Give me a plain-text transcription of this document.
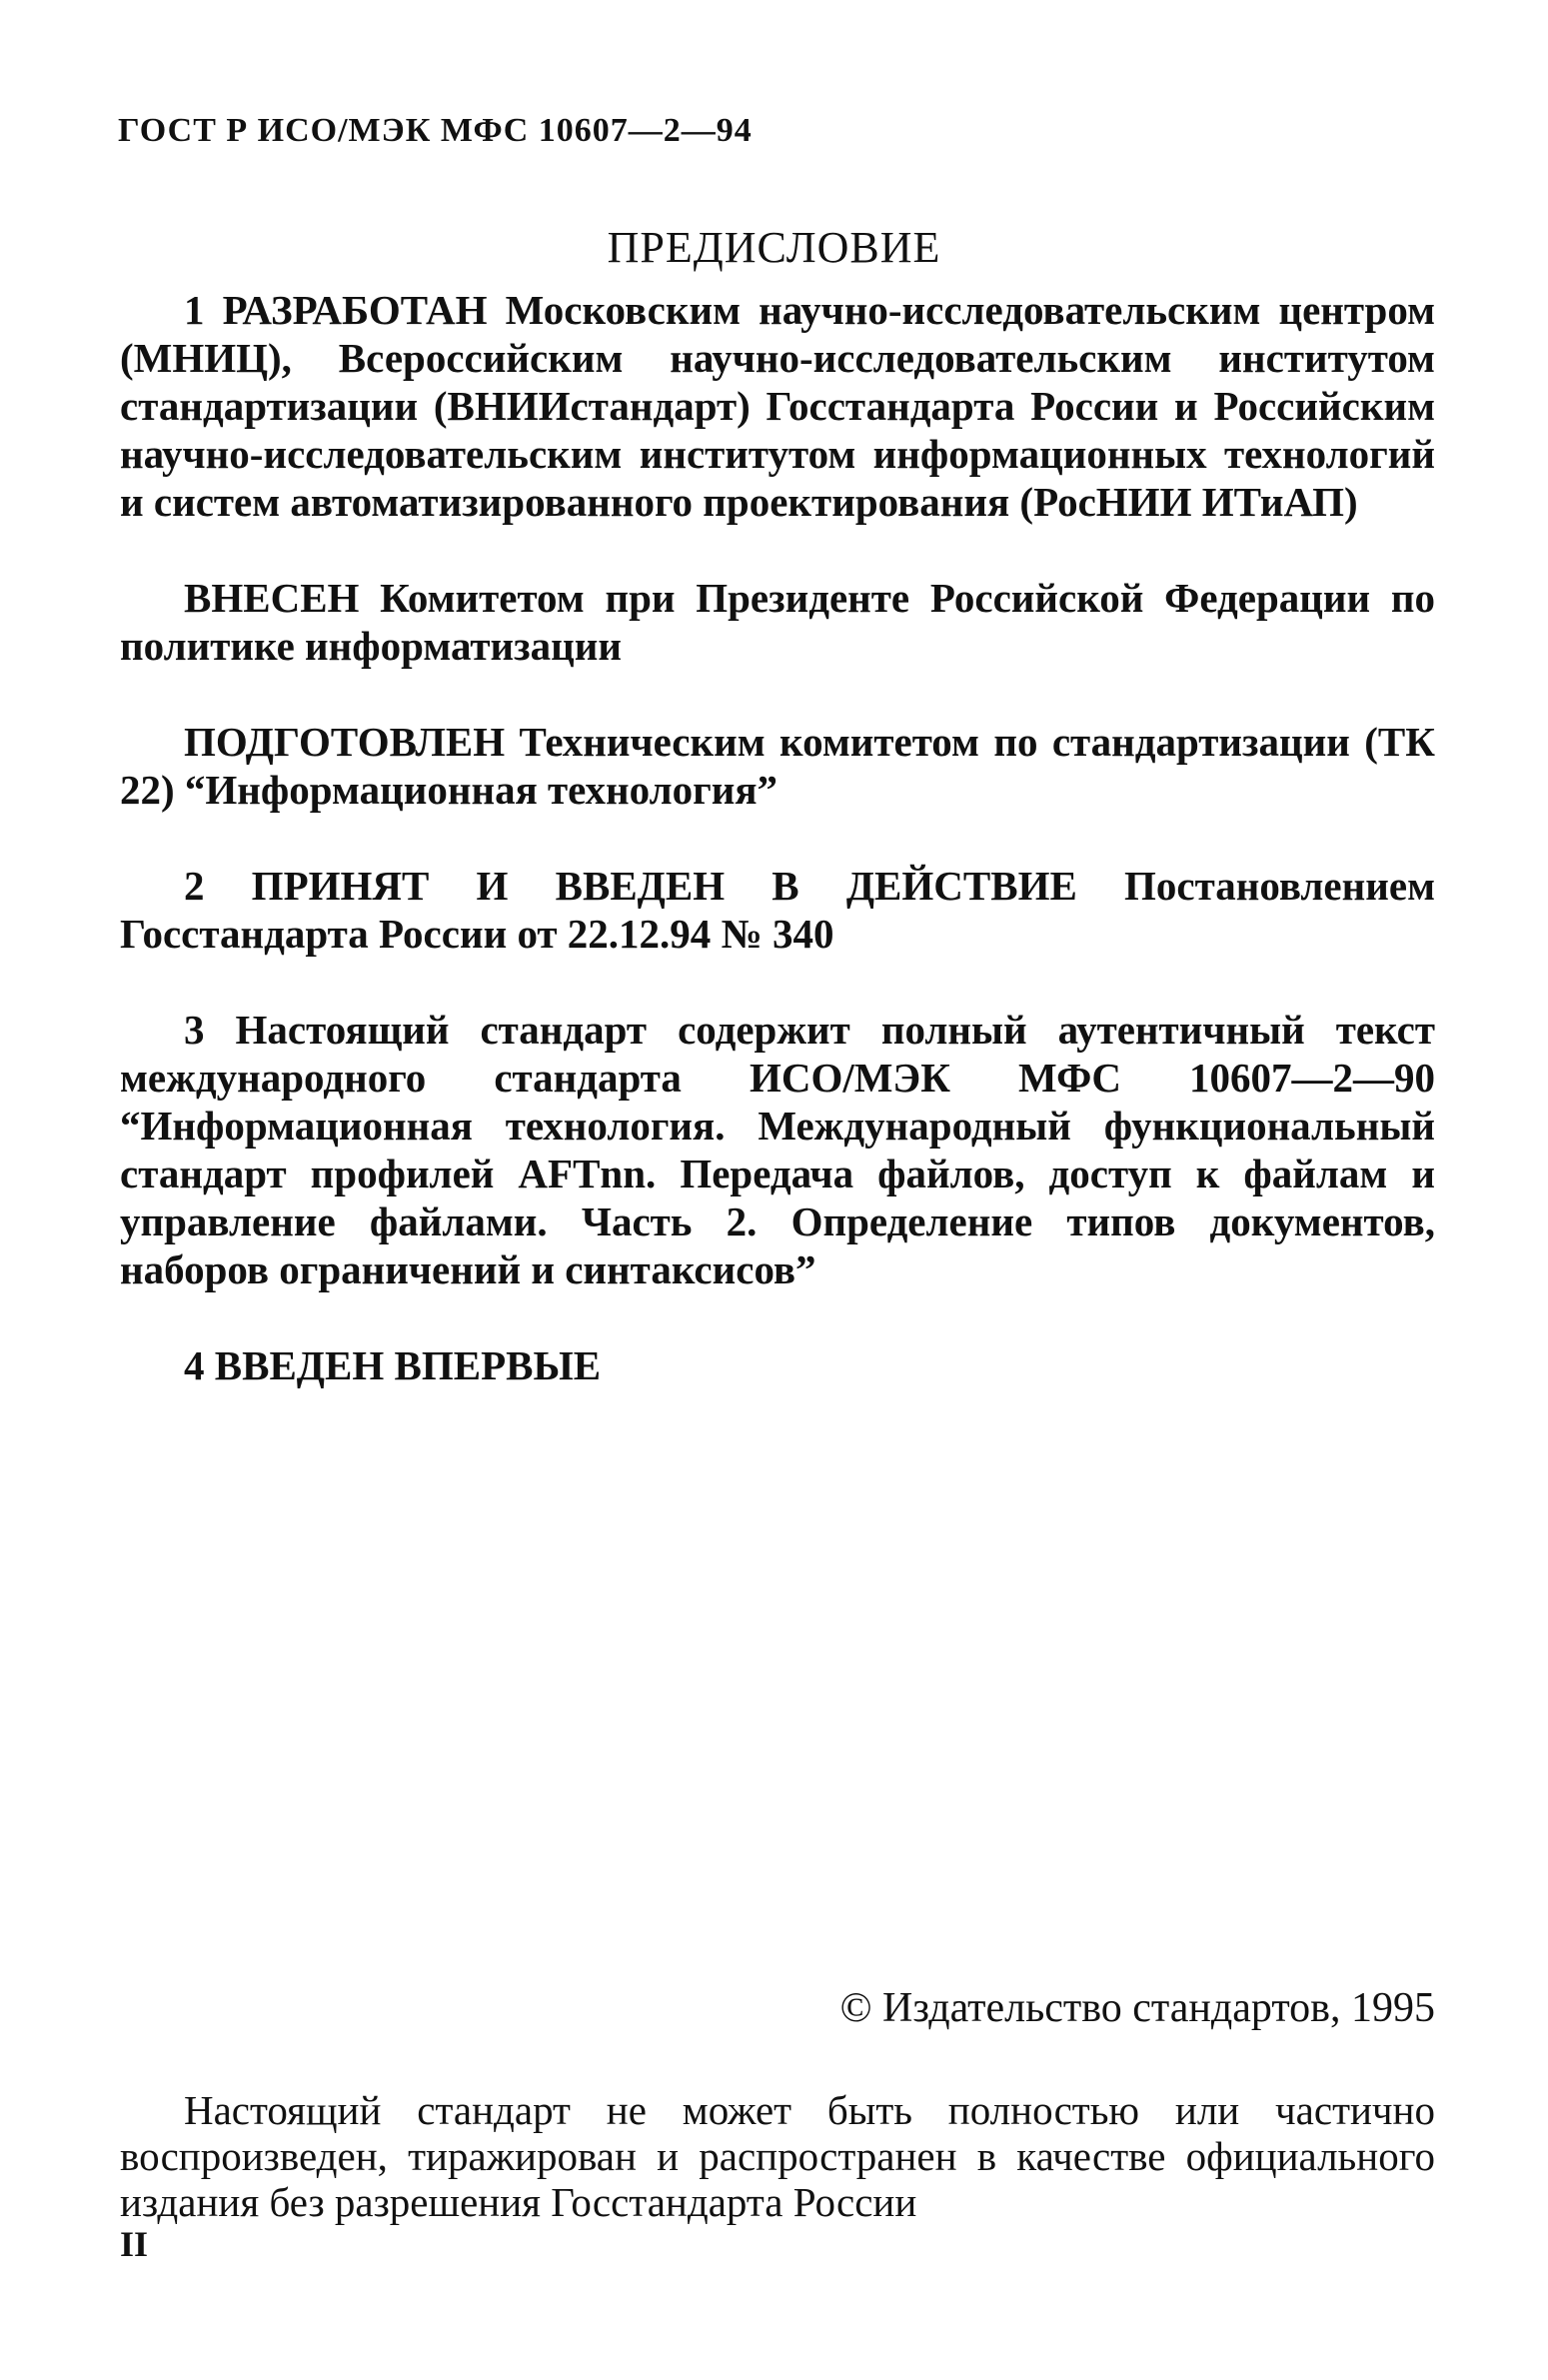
ГОСТ Р ИСО/МЭК МФС 10607—2—94
ПРЕДИСЛОВИЕ

1 РАЗРАБОТАН Московским научно-исследовательским центром (МНИЦ), Всероссийским научно-исследовательским институтом стандартизации (ВНИИстандарт) Госстандарта России и Российским научно-исследовательским институтом информационных технологий и систем автоматизированного проектирования (РосНИИ ИТиАП)

ВНЕСЕН Комитетом при Президенте Российской Федерации по политике информатизации

ПОДГОТОВЛЕН Техническим комитетом по стандартизации (ТК 22) “Информационная технология”

2 ПРИНЯТ И ВВЕДЕН В ДЕЙСТВИЕ Постановлением Госстандарта России от 22.12.94 № 340

3 Настоящий стандарт содержит полный аутентичный текст международного стандарта ИСО/МЭК МФС 10607—2—90 “Информационная технология. Международный функциональный стандарт профилей AFTnn. Передача файлов, доступ к файлам и управление файлами. Часть 2. Определение типов документов, наборов ограничений и синтаксисов”

4 ВВЕДЕН ВПЕРВЫЕ

© Издательство стандартов, 1995
Настоящий стандарт не может быть полностью или частично воспроизведен, тиражирован и распространен в качестве официального издания без разрешения Госстандарта России
II
